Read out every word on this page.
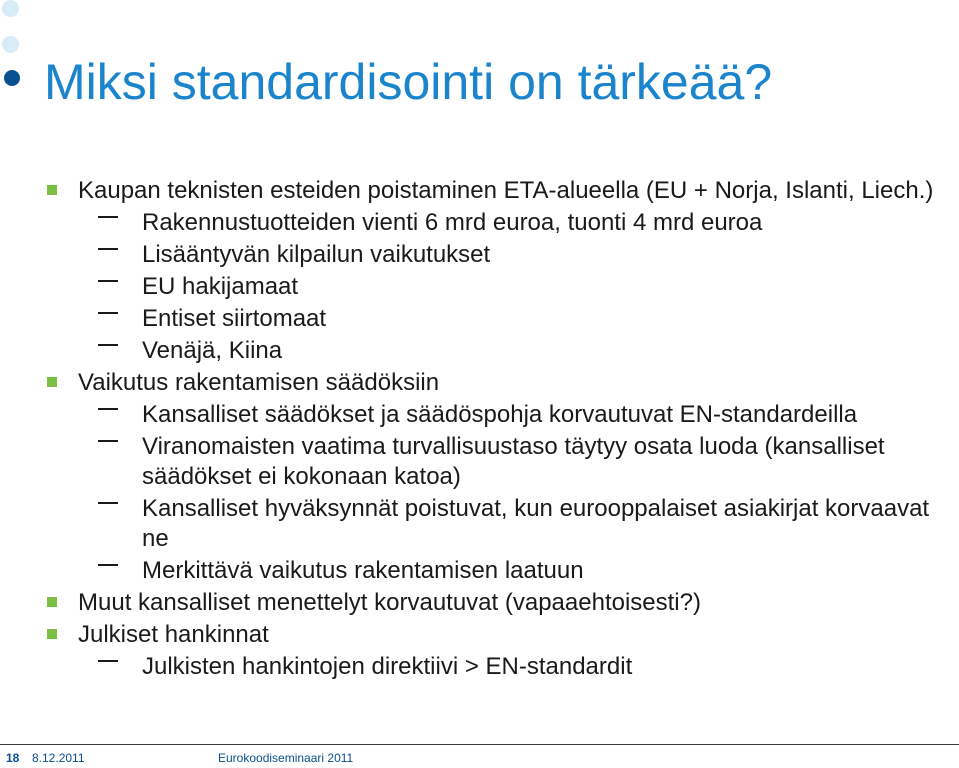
Miksi standardisointi on tärkeää?
Kaupan teknisten esteiden poistaminen ETA-alueella (EU + Norja, Islanti, Liech.)
Rakennustuotteiden vienti 6 mrd euroa, tuonti 4 mrd euroa
Lisääntyvän kilpailun vaikutukset
EU hakijamaat
Entiset siirtomaat
Venäjä, Kiina
Vaikutus rakentamisen säädöksiin
Kansalliset säädökset ja säädöspohja korvautuvat EN-standardeilla
Viranomaisten vaatima turvallisuustaso täytyy osata luoda (kansalliset säädökset ei kokonaan katoa)
Kansalliset hyväksynnät poistuvat, kun eurooppalaiset asiakirjat korvaavat ne
Merkittävä vaikutus rakentamisen laatuun
Muut kansalliset menettelyt korvautuvat (vapaaehtoisesti?)
Julkiset hankinnat
Julkisten hankintojen direktiivi > EN-standardit
18 8.12.2011	Eurokoodiseminaari 2011
